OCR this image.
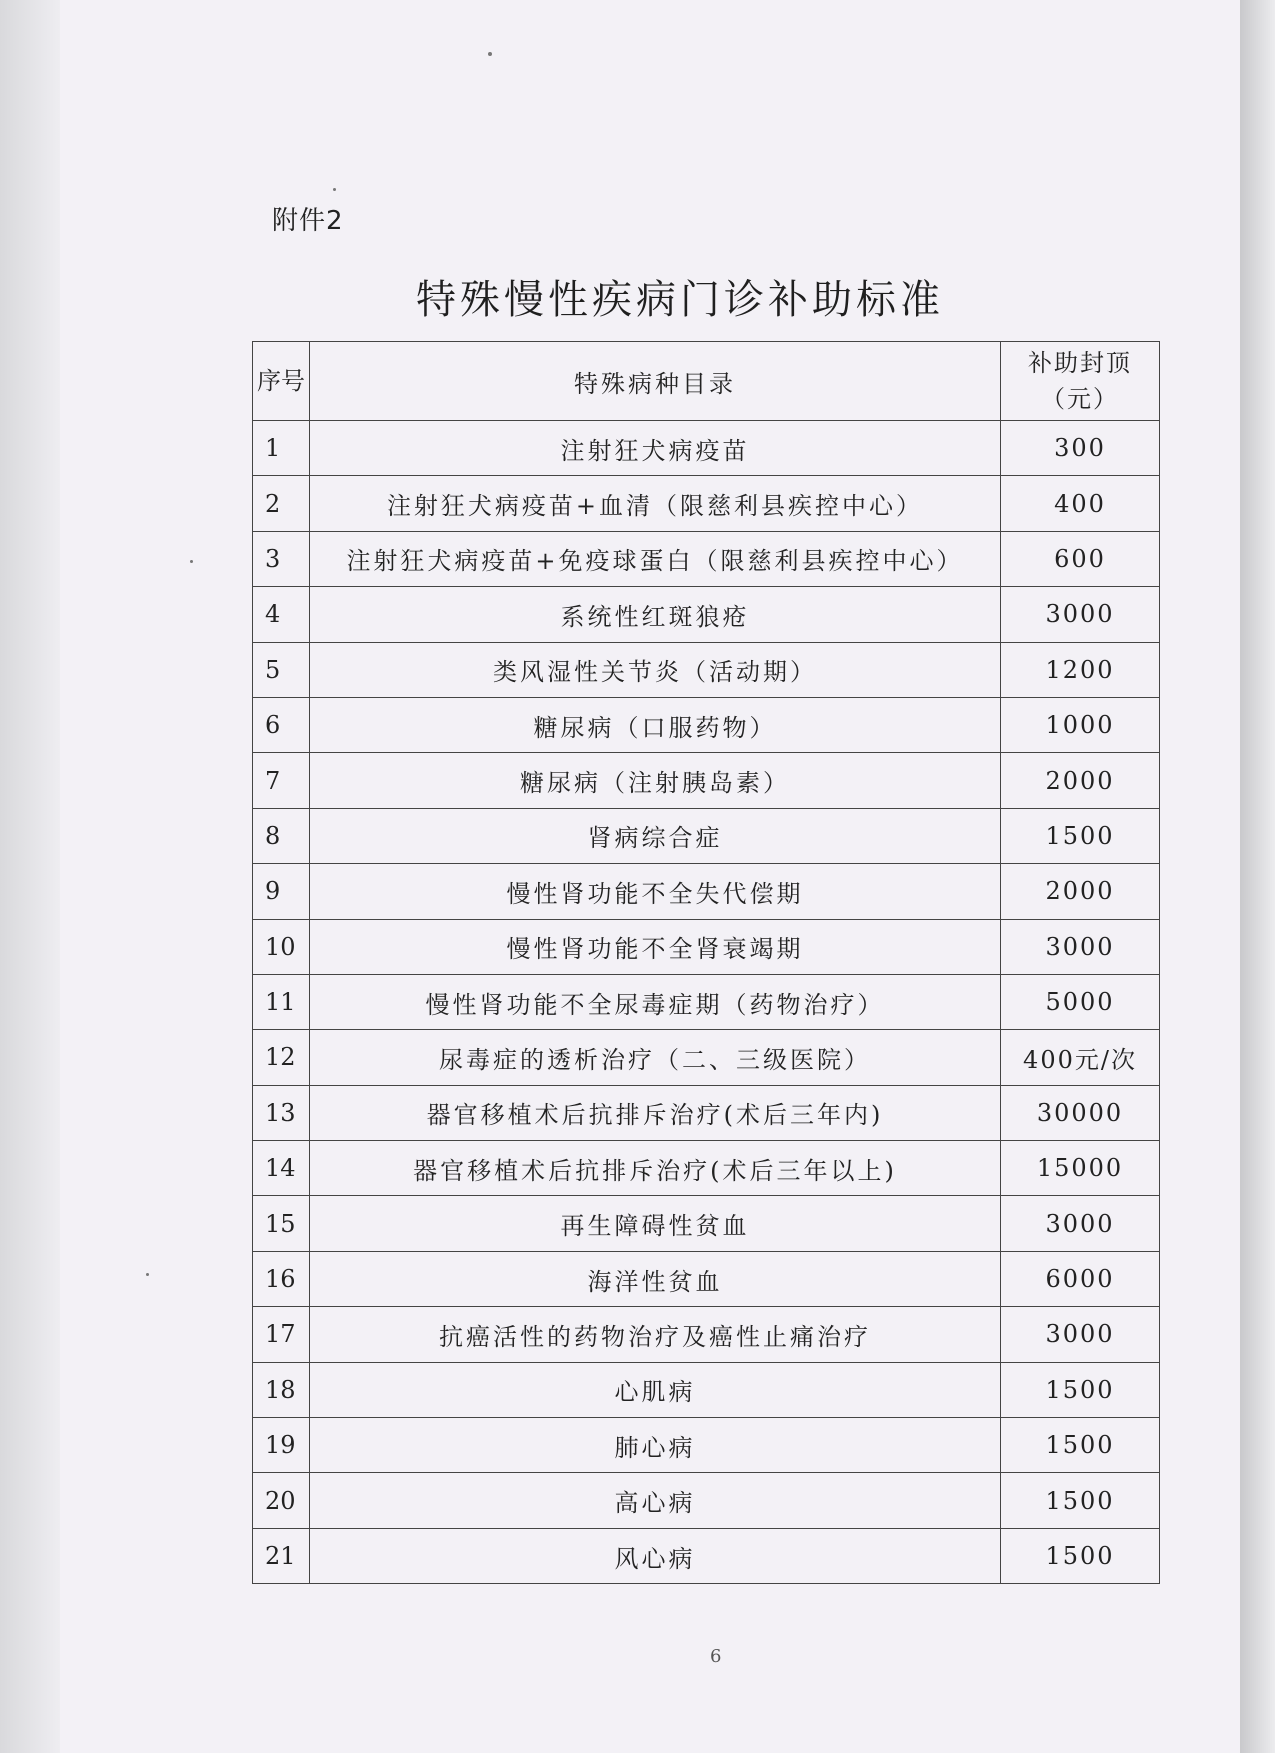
附件2
特殊慢性疾病门诊补助标准
序号	特殊病种目录	补助封顶（元）
1	注射狂犬病疫苗	300
2	注射狂犬病疫苗+血清（限慈利县疾控中心）	400
3	注射狂犬病疫苗+免疫球蛋白（限慈利县疾控中心）	600
4	系统性红斑狼疮	3000
5	类风湿性关节炎（活动期）	1200
6	糖尿病（口服药物）	1000
7	糖尿病（注射胰岛素）	2000
8	肾病综合症	1500
9	慢性肾功能不全失代偿期	2000
10	慢性肾功能不全肾衰竭期	3000
11	慢性肾功能不全尿毒症期（药物治疗）	5000
12	尿毒症的透析治疗（二、三级医院）	400元/次
13	器官移植术后抗排斥治疗(术后三年内)	30000
14	器官移植术后抗排斥治疗(术后三年以上)	15000
15	再生障碍性贫血	3000
16	海洋性贫血	6000
17	抗癌活性的药物治疗及癌性止痛治疗	3000
18	心肌病	1500
19	肺心病	1500
20	高心病	1500
21	风心病	1500
6
